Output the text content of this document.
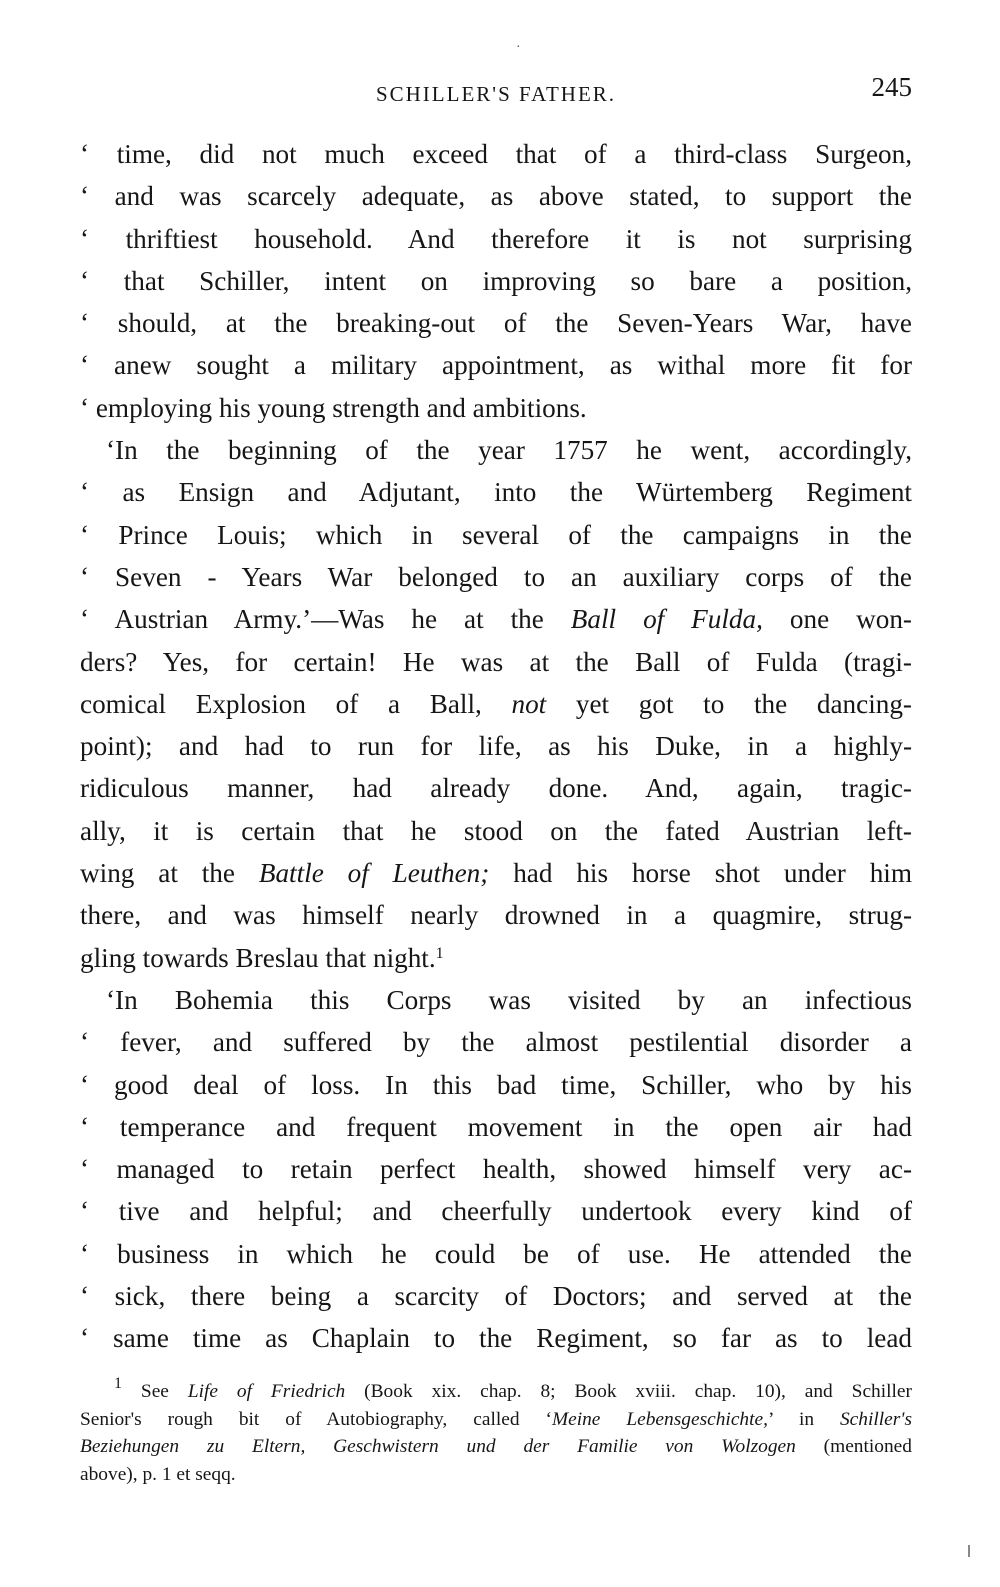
·
SCHILLER'S FATHER.	245

‘ time, did not much exceed that of a third-class Surgeon,

‘ and was scarcely adequate, as above stated, to support the

‘ thriftiest household. And therefore it is not surprising

‘ that Schiller, intent on improving so bare a position,

‘ should, at the breaking-out of the Seven-Years War, have

‘ anew sought a military appointment, as withal more fit for

‘ employing his young strength and ambitions.

‘In the beginning of the year 1757 he went, accordingly,

‘ as Ensign and Adjutant, into the Würtemberg Regiment

‘ Prince Louis; which in several of the campaigns in the

‘ Seven - Years War belonged to an auxiliary corps of the

‘ Austrian Army.’—Was he at the Ball of Fulda, one won-

ders? Yes, for certain! He was at the Ball of Fulda (tragi-

comical Explosion of a Ball, not yet got to the dancing-

point); and had to run for life, as his Duke, in a highly-

ridiculous manner, had already done. And, again, tragic-

ally, it is certain that he stood on the fated Austrian left-

wing at the Battle of Leuthen; had his horse shot under him

there, and was himself nearly drowned in a quagmire, strug-

gling towards Breslau that night.$^1$

‘In Bohemia this Corps was visited by an infectious

‘ fever, and suffered by the almost pestilential disorder a

‘ good deal of loss. In this bad time, Schiller, who by his

‘ temperance and frequent movement in the open air had

‘ managed to retain perfect health, showed himself very ac-

‘ tive and helpful; and cheerfully undertook every kind of

‘ business in which he could be of use. He attended the

‘ sick, there being a scarcity of Doctors; and served at the

‘ same time as Chaplain to the Regiment, so far as to lead

$^1$ See Life of Friedrich (Book xix. chap. 8; Book xviii. chap. 10), and Schiller

Senior's rough bit of Autobiography, called ‘Meine Lebensgeschichte,’ in Schiller's

Beziehungen zu Eltern, Geschwistern und der Familie von Wolzogen (mentioned

above), p. 1 et seqq.
